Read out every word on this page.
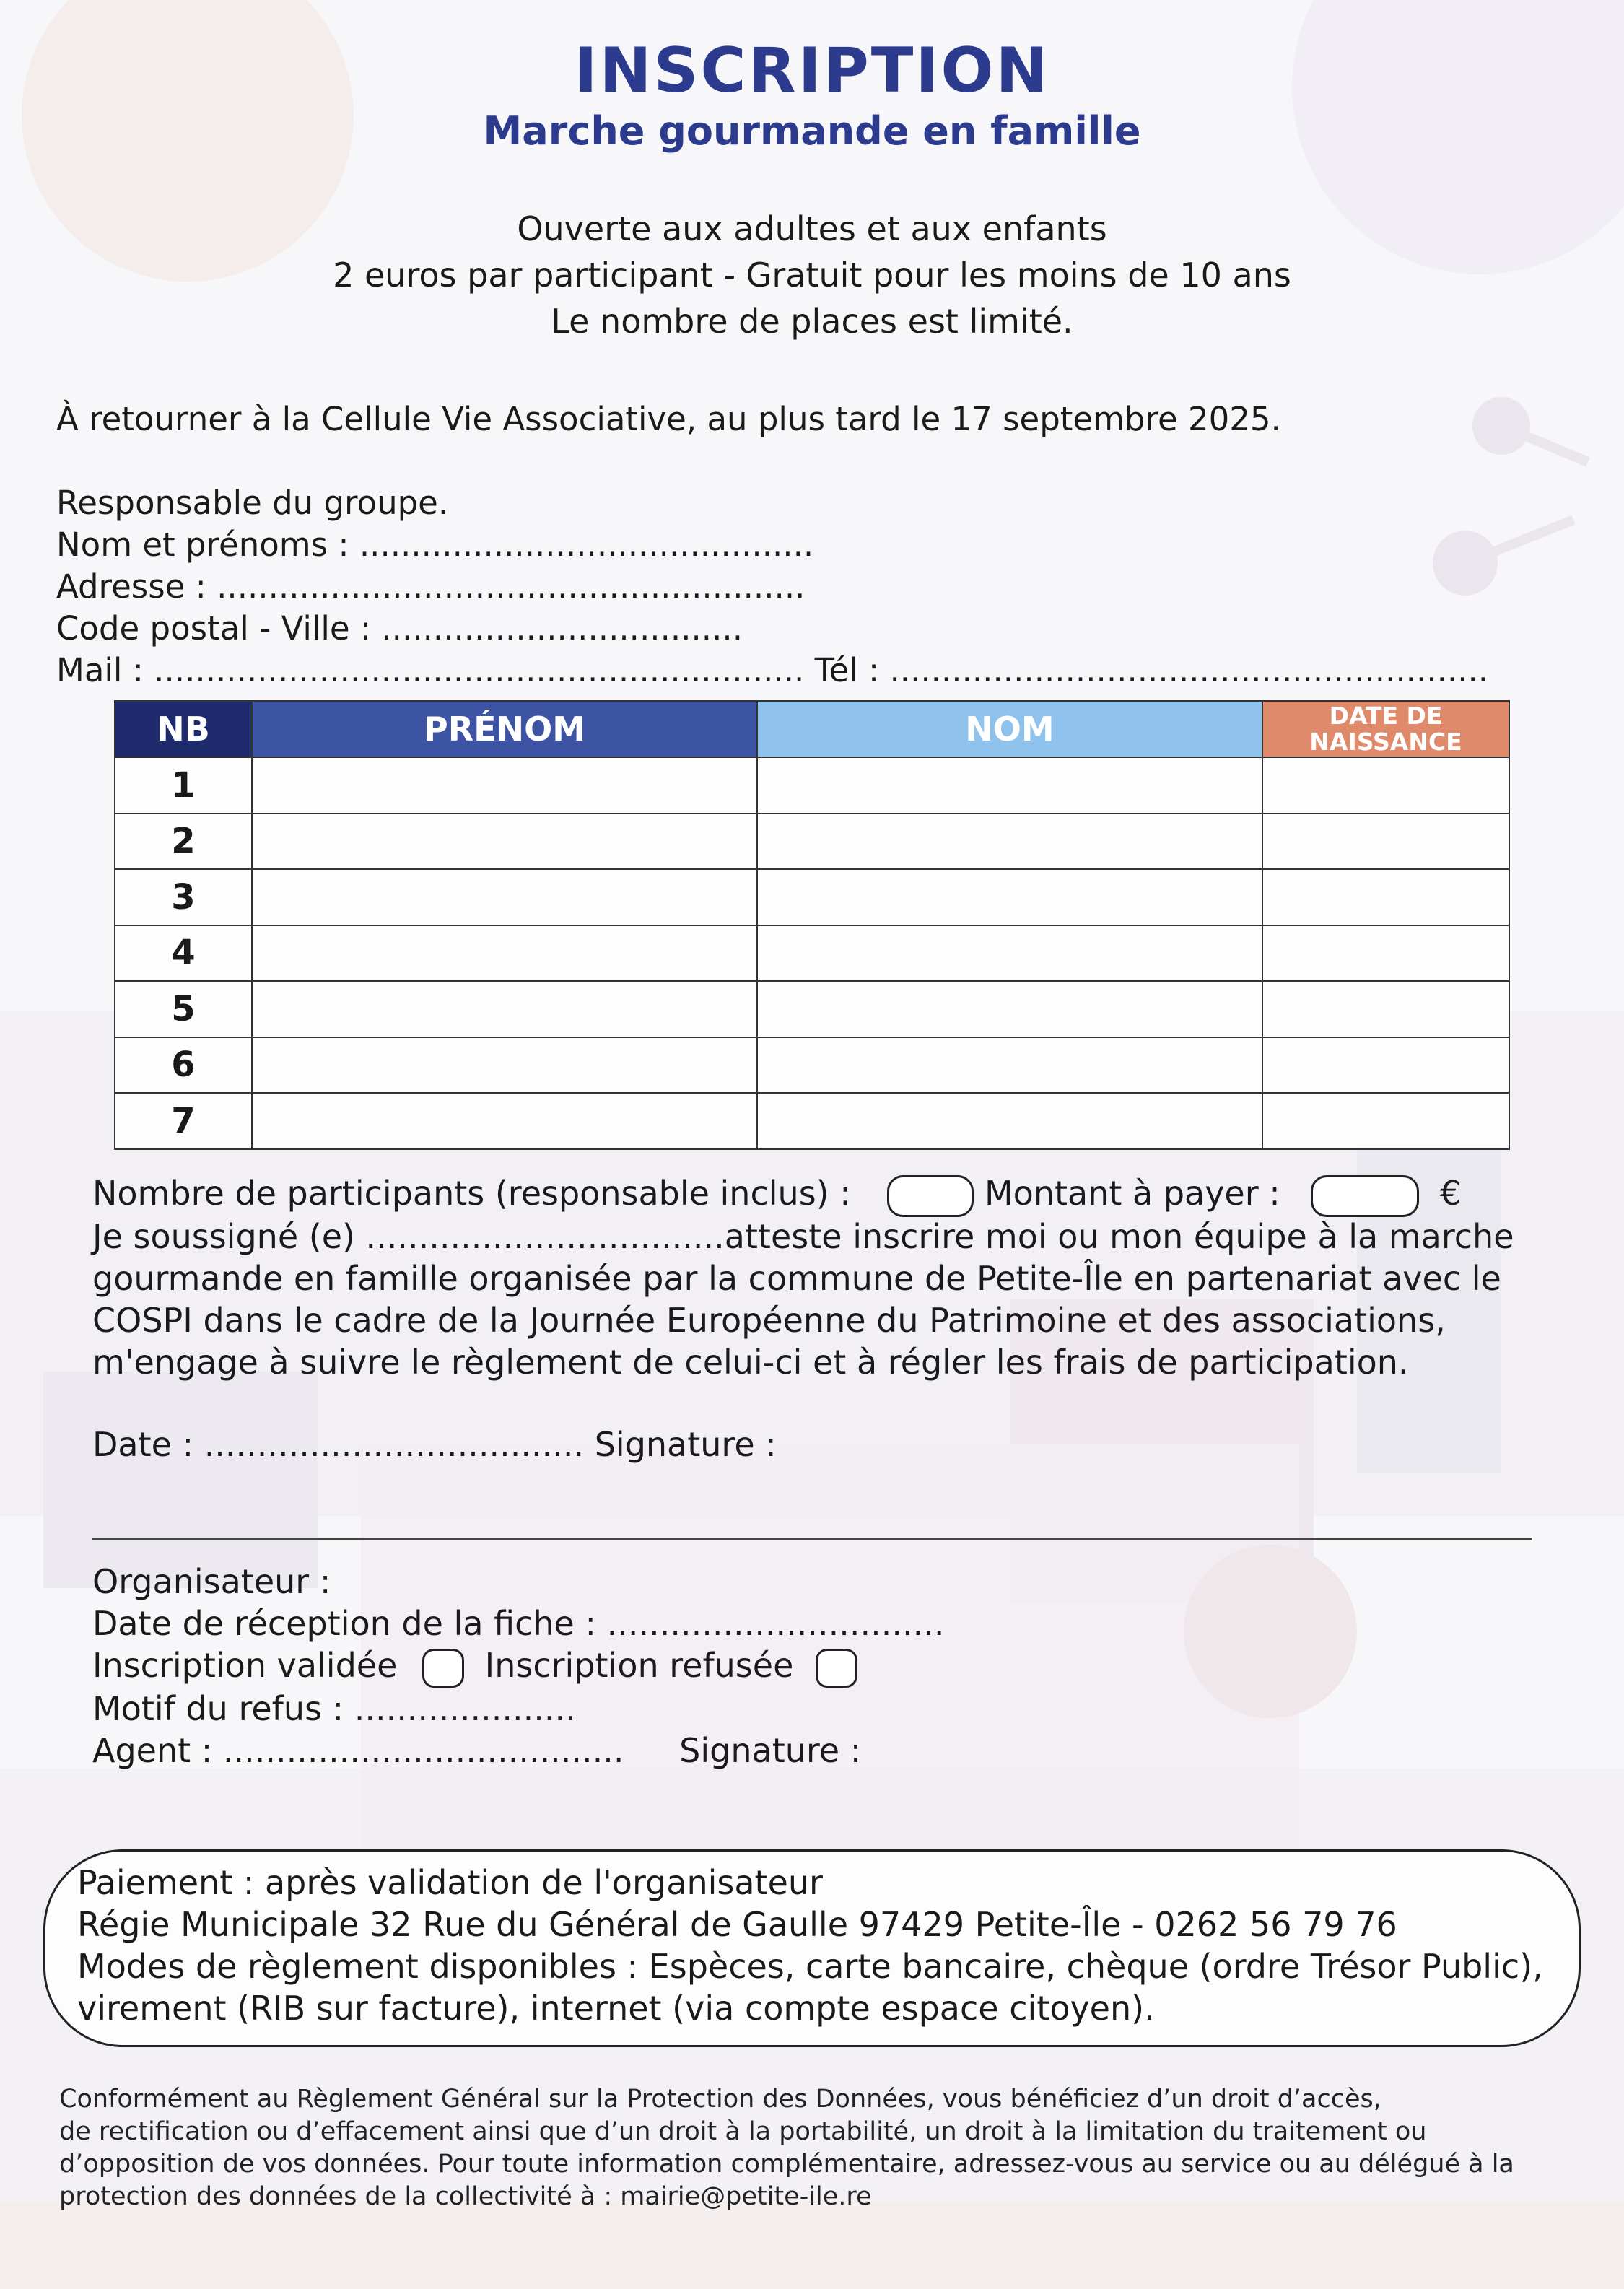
INSCRIPTION
Marche gourmande en famille
Ouverte aux adultes et aux enfants
2 euros par participant - Gratuit pour les moins de 10 ans
Le nombre de places est limité.
À retourner à la Cellule Vie Associative, au plus tard le 17 septembre 2025.
Responsable du groupe.
Nom et prénoms : ............................................
Adresse : .........................................................
Code postal - Ville : ...................................
Mail : ............................................................... Tél : ..........................................................
NB	PRÉNOM	NOM	DATE DE
NAISSANCE

1			
2			
3			
4			
5			
6			
7			
Nombre de participants (responsable inclus) :	Montant à payer :	€
Je soussigné (e) ..................................atteste inscrire moi ou mon équipe à la marche
gourmande en famille organisée par la commune de Petite-Île en partenariat avec le
COSPI dans le cadre de la Journée Européenne du Patrimoine et des associations,
m'engage à suivre le règlement de celui-ci et à régler les frais de participation.
Date : .................................... Signature :
Organisateur :
Date de réception de la fiche : ................................
Inscription validée	Inscription refusée
Motif du refus : .....................
Agent : ...................................... Signature :
Paiement : après validation de l'organisateur
Régie Municipale 32 Rue du Général de Gaulle 97429 Petite-Île - 0262 56 79 76
Modes de règlement disponibles : Espèces, carte bancaire, chèque (ordre Trésor Public),
virement (RIB sur facture), internet (via compte espace citoyen).
Conformément au Règlement Général sur la Protection des Données, vous bénéficiez d’un droit d’accès,
de rectification ou d’effacement ainsi que d’un droit à la portabilité, un droit à la limitation du traitement ou
d’opposition de vos données. Pour toute information complémentaire, adressez-vous au service ou au délégué à la
protection des données de la collectivité à : mairie@petite-ile.re
